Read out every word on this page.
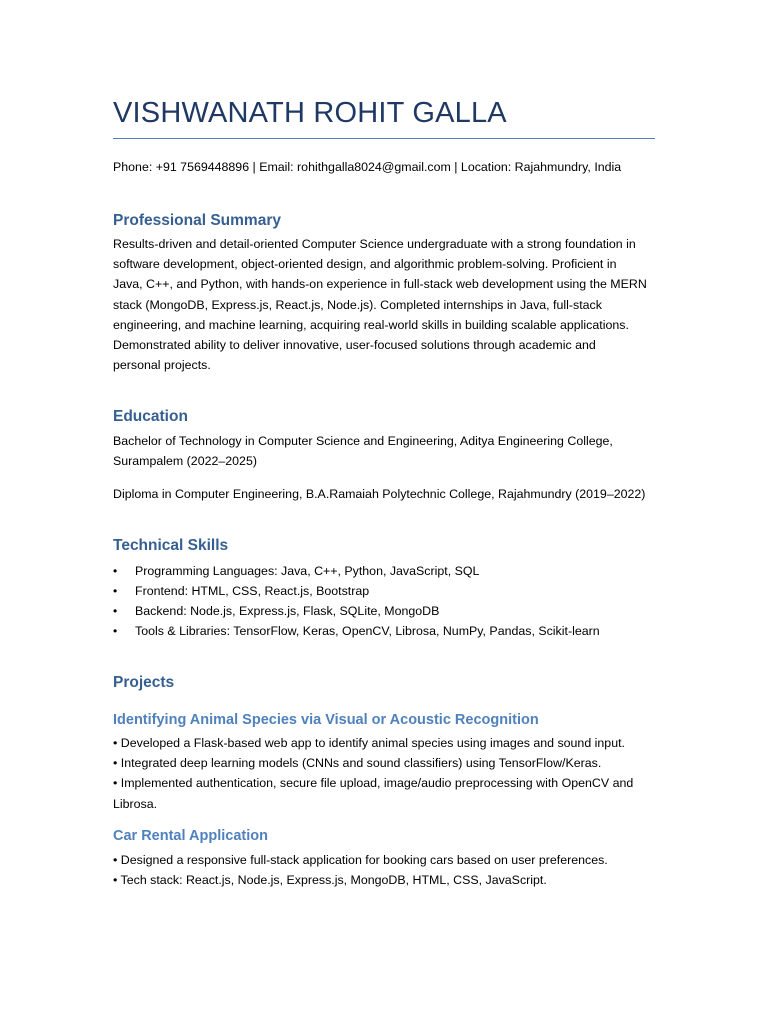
VISHWANATH ROHIT GALLA
Phone: +91 7569448896 | Email: rohithgalla8024@gmail.com | Location: Rajahmundry, India
Professional Summary
Results-driven and detail-oriented Computer Science undergraduate with a strong foundation in
software development, object-oriented design, and algorithmic problem-solving. Proficient in
Java, C++, and Python, with hands-on experience in full-stack web development using the MERN
stack (MongoDB, Express.js, React.js, Node.js). Completed internships in Java, full-stack
engineering, and machine learning, acquiring real-world skills in building scalable applications.
Demonstrated ability to deliver innovative, user-focused solutions through academic and
personal projects.
Education
Bachelor of Technology in Computer Science and Engineering, Aditya Engineering College,
Surampalem (2022–2025)
Diploma in Computer Engineering, B.A.Ramaiah Polytechnic College, Rajahmundry (2019–2022)
Technical Skills
• Programming Languages: Java, C++, Python, JavaScript, SQL
• Frontend: HTML, CSS, React.js, Bootstrap
• Backend: Node.js, Express.js, Flask, SQLite, MongoDB
• Tools & Libraries: TensorFlow, Keras, OpenCV, Librosa, NumPy, Pandas, Scikit-learn
Projects
Identifying Animal Species via Visual or Acoustic Recognition
• Developed a Flask-based web app to identify animal species using images and sound input.
• Integrated deep learning models (CNNs and sound classifiers) using TensorFlow/Keras.
• Implemented authentication, secure file upload, image/audio preprocessing with OpenCV and
Librosa.
Car Rental Application
• Designed a responsive full-stack application for booking cars based on user preferences.
• Tech stack: React.js, Node.js, Express.js, MongoDB, HTML, CSS, JavaScript.
